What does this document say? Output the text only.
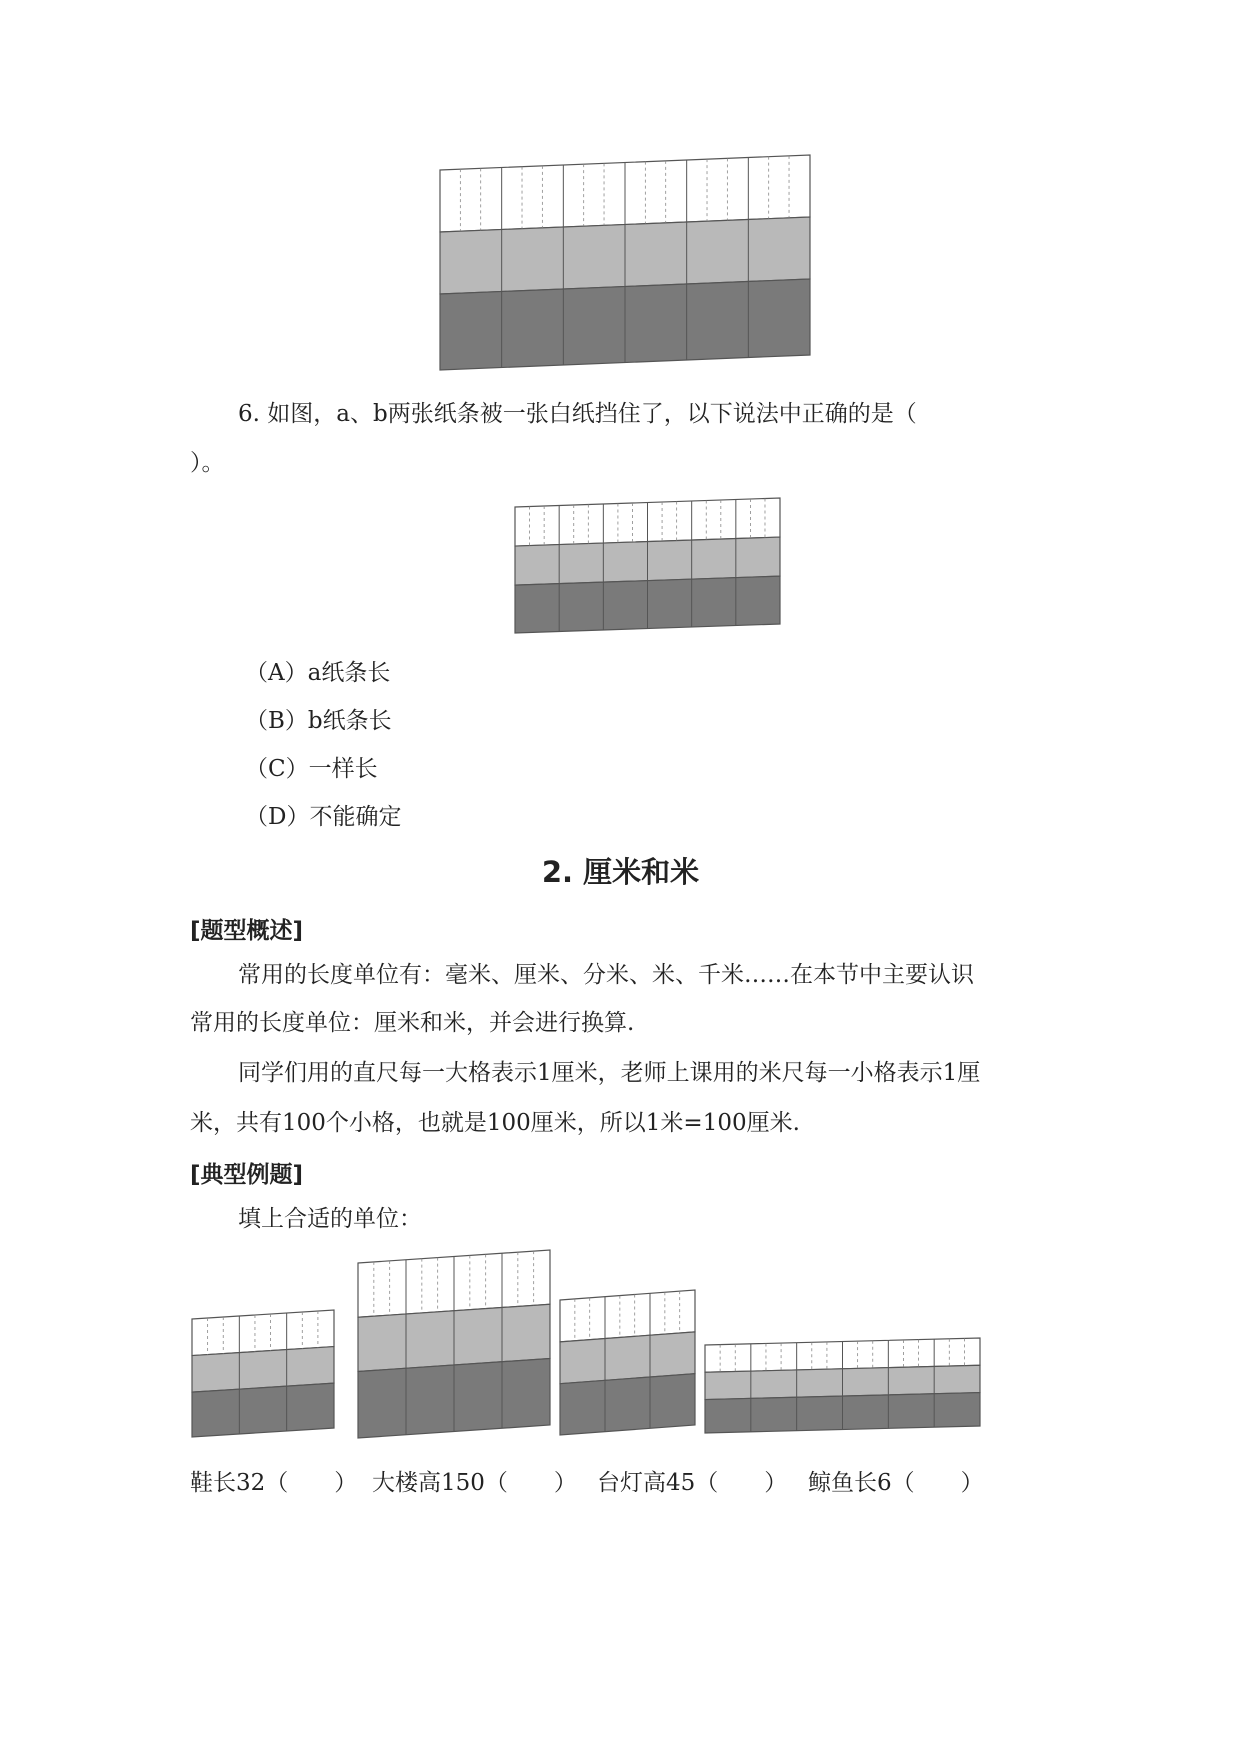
6. 如图，a、b两张纸条被一张白纸挡住了，以下说法中正确的是（
）。
（A）a纸条长
（B）b纸条长
（C）一样长
（D）不能确定
2. 厘米和米
[题型概述]
常用的长度单位有：毫米、厘米、分米、米、千米……在本节中主要认识
常用的长度单位：厘米和米，并会进行换算.
同学们用的直尺每一大格表示1厘米，老师上课用的米尺每一小格表示1厘
米，共有100个小格，也就是100厘米，所以1米=100厘米.
[典型例题]
填上合适的单位：
鞋长32（　　） 大楼高150（　　） 台灯高45（　　） 鲸鱼长6（　　）
